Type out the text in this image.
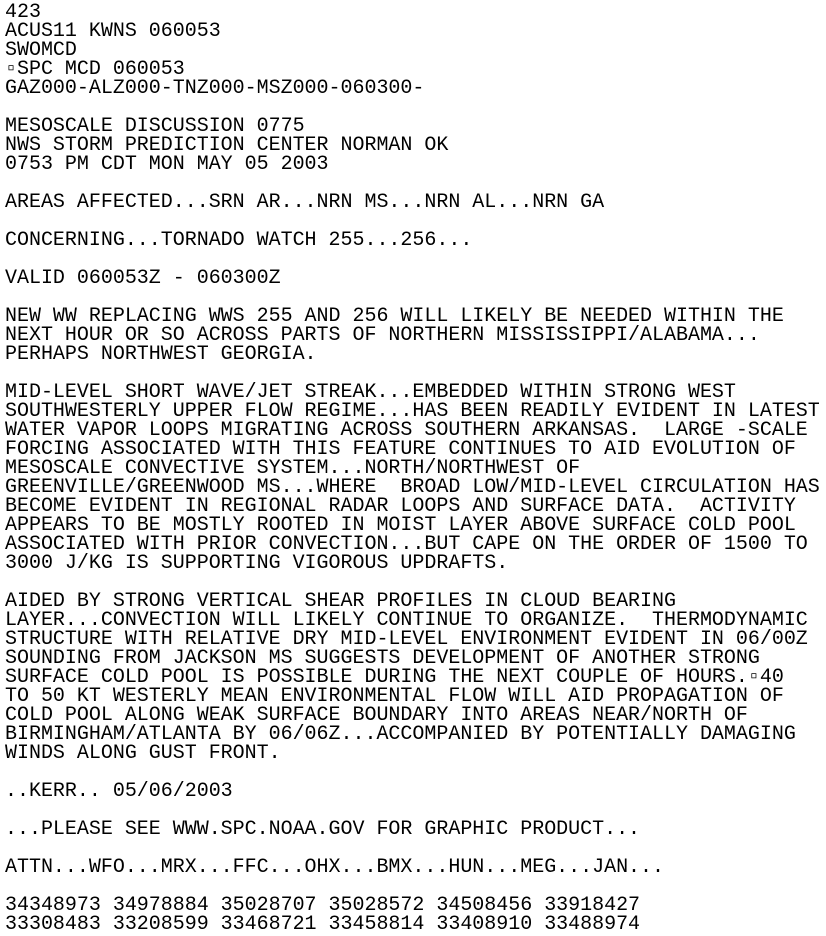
423
ACUS11 KWNS 060053
SWOMCD
▫SPC MCD 060053
GAZ000-ALZ000-TNZ000-MSZ000-060300-

MESOSCALE DISCUSSION 0775
NWS STORM PREDICTION CENTER NORMAN OK
0753 PM CDT MON MAY 05 2003

AREAS AFFECTED...SRN AR...NRN MS...NRN AL...NRN GA

CONCERNING...TORNADO WATCH 255...256...

VALID 060053Z - 060300Z

NEW WW REPLACING WWS 255 AND 256 WILL LIKELY BE NEEDED WITHIN THE
NEXT HOUR OR SO ACROSS PARTS OF NORTHERN MISSISSIPPI/ALABAMA...
PERHAPS NORTHWEST GEORGIA.

MID-LEVEL SHORT WAVE/JET STREAK...EMBEDDED WITHIN STRONG WEST
SOUTHWESTERLY UPPER FLOW REGIME...HAS BEEN READILY EVIDENT IN LATEST
WATER VAPOR LOOPS MIGRATING ACROSS SOUTHERN ARKANSAS.  LARGE -SCALE
FORCING ASSOCIATED WITH THIS FEATURE CONTINUES TO AID EVOLUTION OF
MESOSCALE CONVECTIVE SYSTEM...NORTH/NORTHWEST OF
GREENVILLE/GREENWOOD MS...WHERE  BROAD LOW/MID-LEVEL CIRCULATION HAS
BECOME EVIDENT IN REGIONAL RADAR LOOPS AND SURFACE DATA.  ACTIVITY
APPEARS TO BE MOSTLY ROOTED IN MOIST LAYER ABOVE SURFACE COLD POOL
ASSOCIATED WITH PRIOR CONVECTION...BUT CAPE ON THE ORDER OF 1500 TO
3000 J/KG IS SUPPORTING VIGOROUS UPDRAFTS.

AIDED BY STRONG VERTICAL SHEAR PROFILES IN CLOUD BEARING
LAYER...CONVECTION WILL LIKELY CONTINUE TO ORGANIZE.  THERMODYNAMIC
STRUCTURE WITH RELATIVE DRY MID-LEVEL ENVIRONMENT EVIDENT IN 06/00Z
SOUNDING FROM JACKSON MS SUGGESTS DEVELOPMENT OF ANOTHER STRONG
SURFACE COLD POOL IS POSSIBLE DURING THE NEXT COUPLE OF HOURS.▫40
TO 50 KT WESTERLY MEAN ENVIRONMENTAL FLOW WILL AID PROPAGATION OF
COLD POOL ALONG WEAK SURFACE BOUNDARY INTO AREAS NEAR/NORTH OF
BIRMINGHAM/ATLANTA BY 06/06Z...ACCOMPANIED BY POTENTIALLY DAMAGING
WINDS ALONG GUST FRONT.

..KERR.. 05/06/2003

...PLEASE SEE WWW.SPC.NOAA.GOV FOR GRAPHIC PRODUCT...

ATTN...WFO...MRX...FFC...OHX...BMX...HUN...MEG...JAN...

34348973 34978884 35028707 35028572 34508456 33918427
33308483 33208599 33468721 33458814 33408910 33488974
